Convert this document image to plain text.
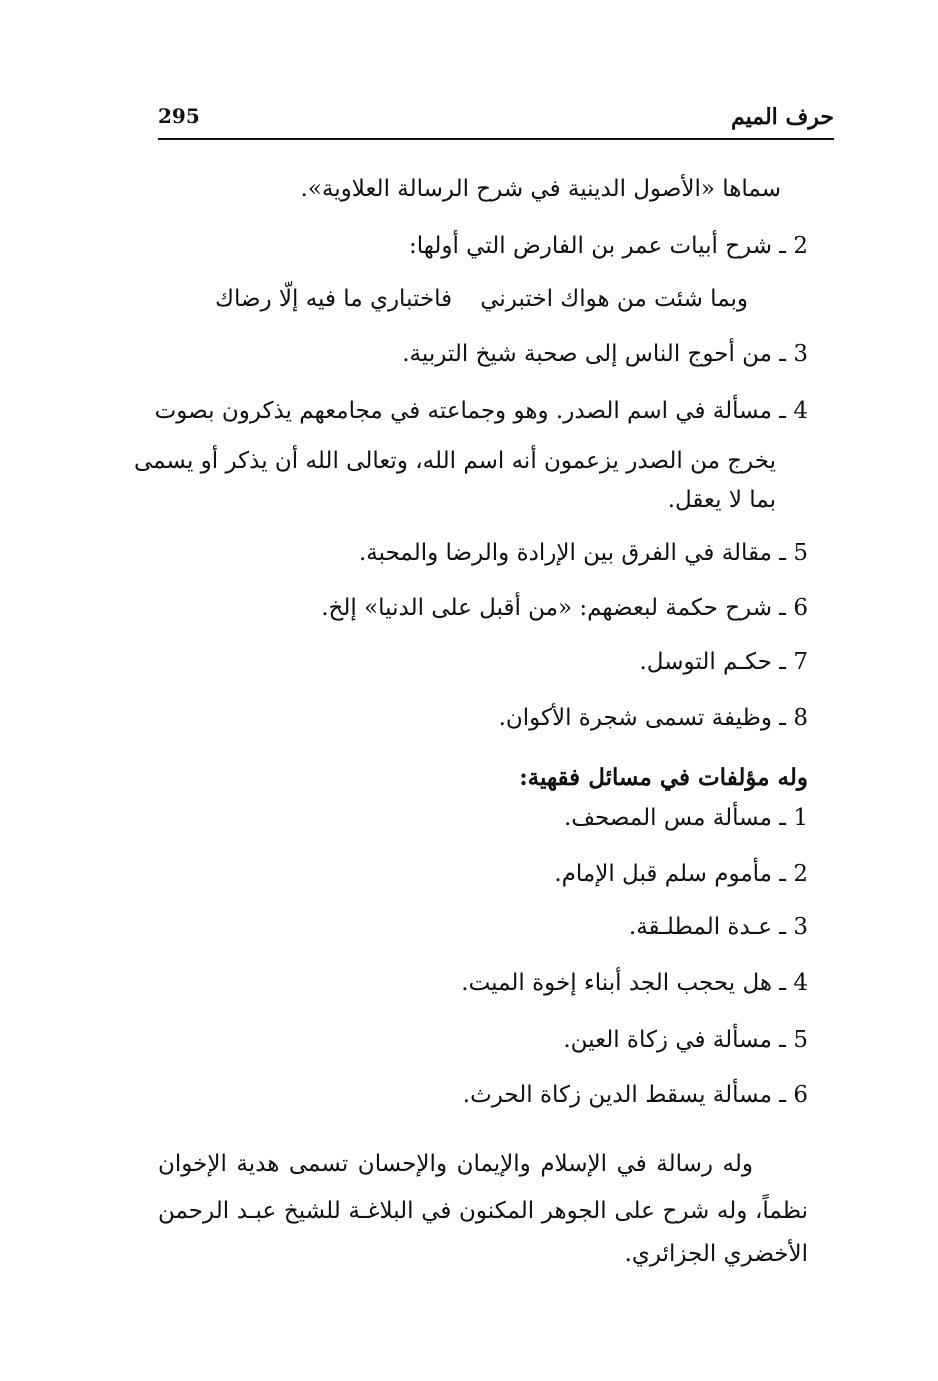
حرف الميم
295
سماها «الأصول الدينية في شرح الرسالة العلاوية».
2 ـ شرح أبيات عمر بن الفارض التي أولها:
وبما شئت من هواك اختبرني
فاختباري ما فيه إلّا رضاك
3 ـ من أحوج الناس إلى صحبة شيخ التربية.
4 ـ مسألة في اسم الصدر. وهو وجماعته في مجامعهم يذكرون بصوت
يخرج من الصدر يزعمون أنه اسم الله، وتعالى الله أن يذكر أو يسمى
بما لا يعقل.
5 ـ مقالة في الفرق بين الإرادة والرضا والمحبة.
6 ـ شرح حكمة لبعضهم: «من أقبل على الدنيا» إلخ.
7 ـ حكـم التوسل.
8 ـ وظيفة تسمى شجرة الأكوان.
وله مؤلفات في مسائل فقهية:
1 ـ مسألة مس المصحف.
2 ـ مأموم سلم قبل الإمام.
3 ـ عـدة المطلـقة.
4 ـ هل يحجب الجد أبناء إخوة الميت.
5 ـ مسألة في زكاة العين.
6 ـ مسألة يسقط الدين زكاة الحرث.
وله رسالة في الإسلام والإيمان والإحسان تسمى هدية الإخوان
نظماً، وله شرح على الجوهر المكنون في البلاغـة للشيخ عبـد الرحمن
الأخضري الجزائري.
